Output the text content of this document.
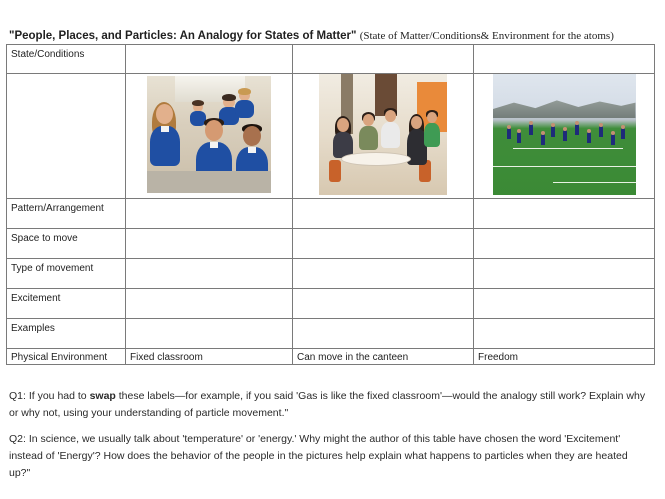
"People, Places, and Particles: An Analogy for States of Matter" (State of Matter/Conditions& Environment for the atoms)
State/Conditions			

Pattern/Arrangement			
Space to move			
Type of movement			
Excitement			
Examples			
Physical Environment	Fixed classroom	Can move in the canteen	Freedom

Q1: If you had to swap these labels—for example, if you said 'Gas is like the fixed classroom'—would the analogy still work? Explain why or why not, using your understanding of particle movement."

Q2: In science, we usually talk about 'temperature' or 'energy.' Why might the author of this table have chosen the word 'Excitement' instead of 'Energy'? How does the behavior of the people in the pictures help explain what happens to particles when they are heated up?"
